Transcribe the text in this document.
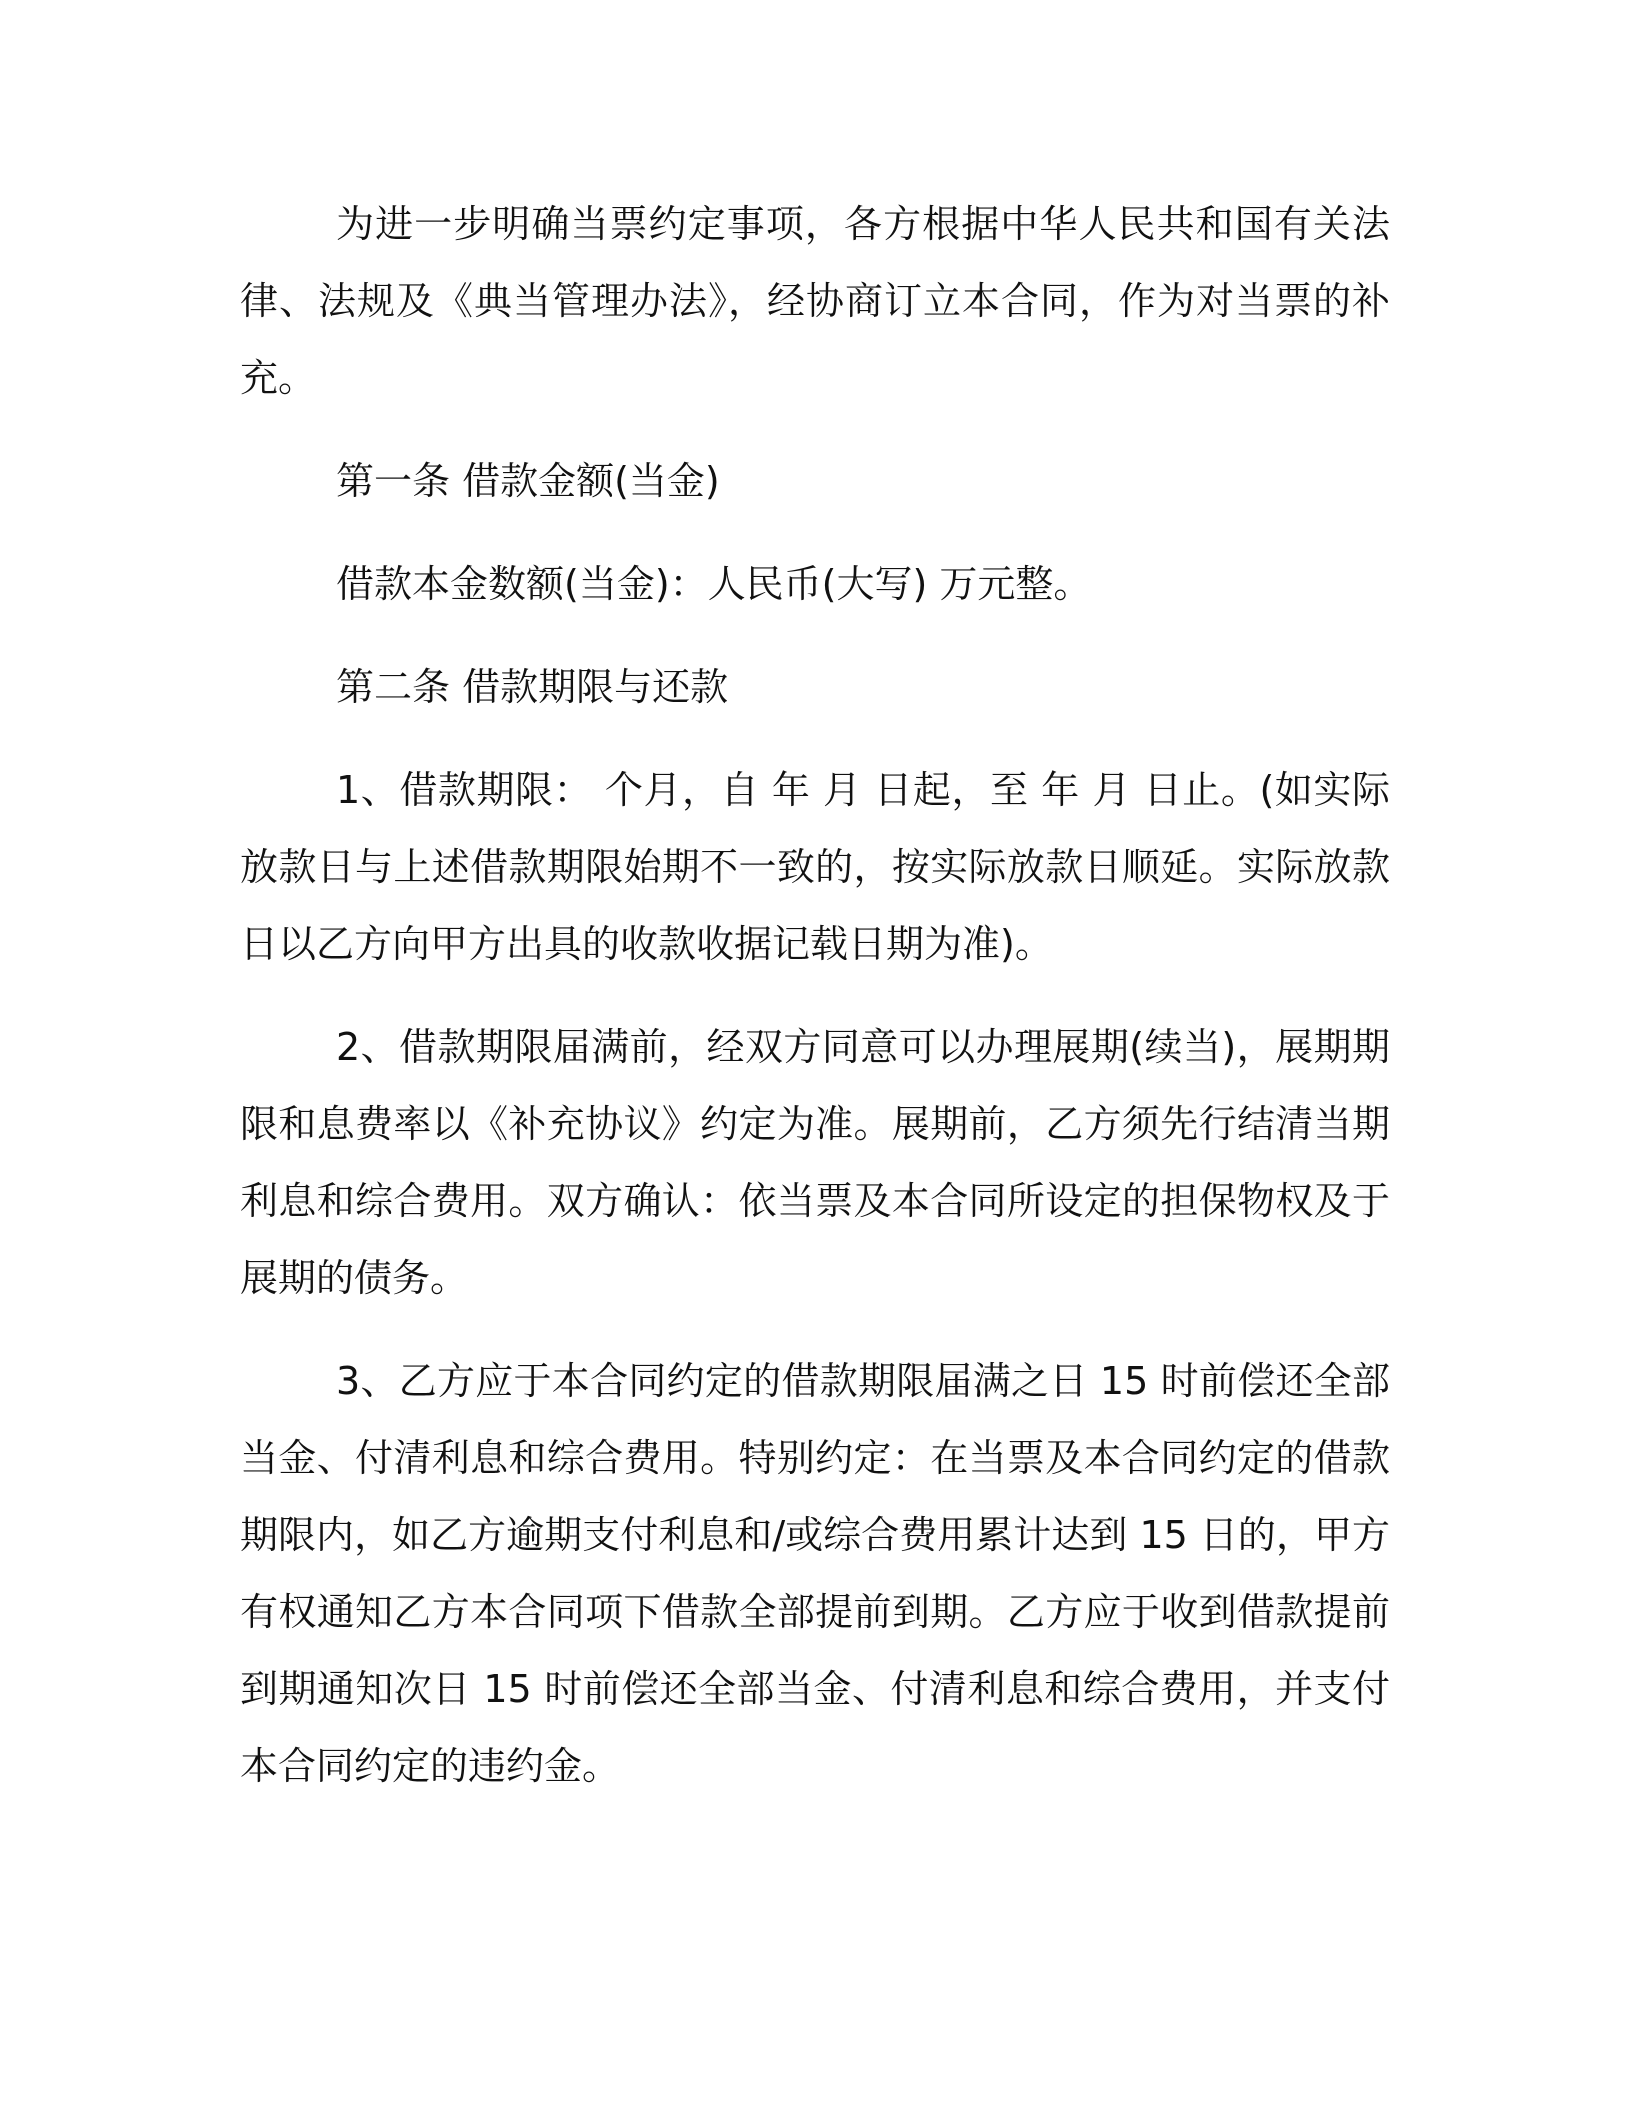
为进一步明确当票约定事项，各方根据中华人民共和国有关法律、法规及《典当管理办法》，经协商订立本合同，作为对当票的补充。

第一条 借款金额(当金)

借款本金数额(当金)：人民币(大写) 万元整。

第二条 借款期限与还款

1、借款期限： 个月，自 年 月 日起，至 年 月 日止。(如实际放款日与上述借款期限始期不一致的，按实际放款日顺延。实际放款日以乙方向甲方出具的收款收据记载日期为准)。

2、借款期限届满前，经双方同意可以办理展期(续当)，展期期限和息费率以《补充协议》约定为准。展期前，乙方须先行结清当期利息和综合费用。双方确认：依当票及本合同所设定的担保物权及于展期的债务。

3、乙方应于本合同约定的借款期限届满之日 15 时前偿还全部当金、付清利息和综合费用。特别约定：在当票及本合同约定的借款期限内，如乙方逾期支付利息和/或综合费用累计达到 15 日的，甲方有权通知乙方本合同项下借款全部提前到期。乙方应于收到借款提前到期通知次日 15 时前偿还全部当金、付清利息和综合费用，并支付本合同约定的违约金。
